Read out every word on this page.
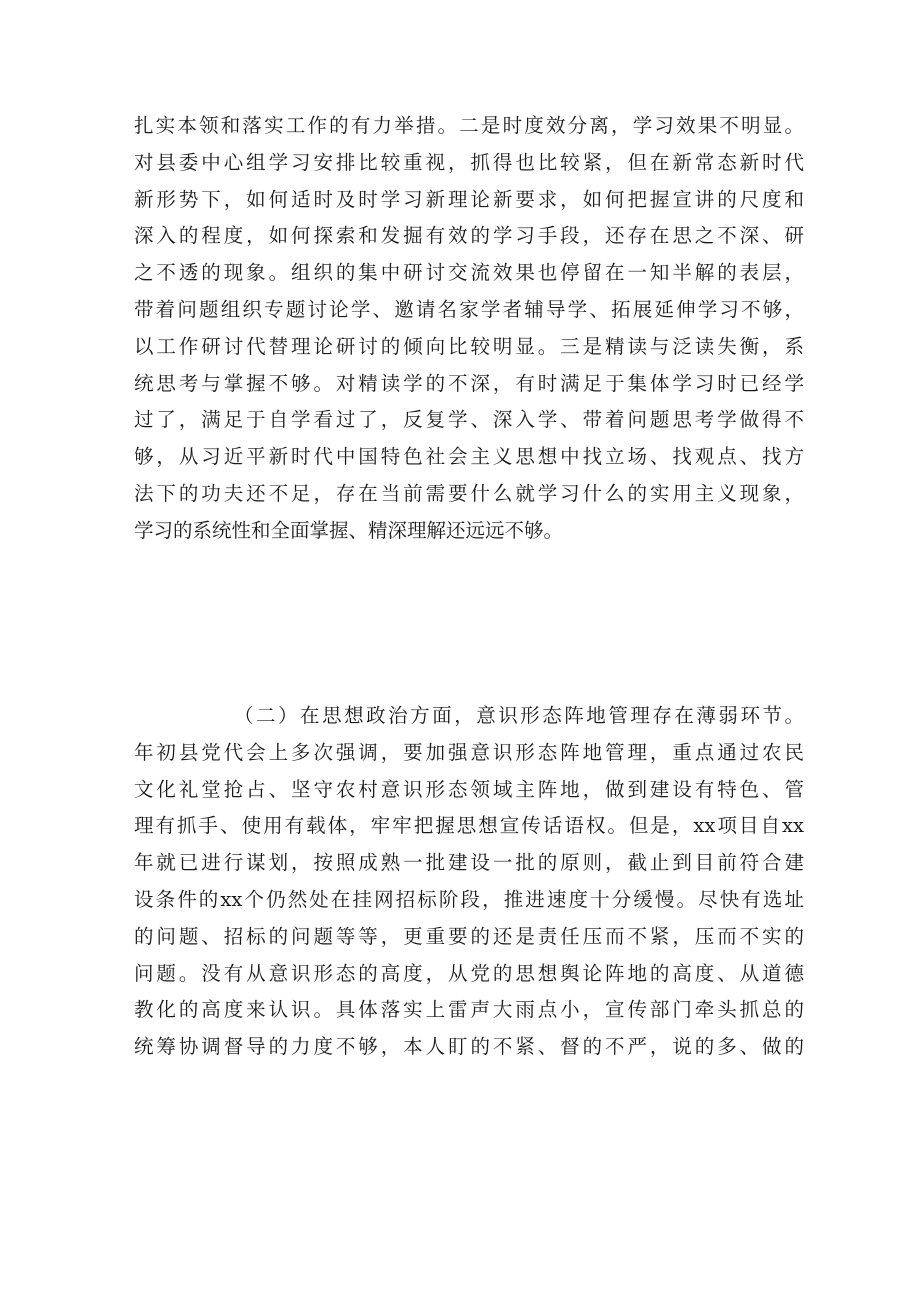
扎实本领和落实工作的有力举措。二是时度效分离，学习效果不明显。
对县委中心组学习安排比较重视，抓得也比较紧，但在新常态新时代
新形势下，如何适时及时学习新理论新要求，如何把握宣讲的尺度和
深入的程度，如何探索和发掘有效的学习手段，还存在思之不深、研
之不透的现象。组织的集中研讨交流效果也停留在一知半解的表层，
带着问题组织专题讨论学、邀请名家学者辅导学、拓展延伸学习不够，
以工作研讨代替理论研讨的倾向比较明显。三是精读与泛读失衡，系
统思考与掌握不够。对精读学的不深，有时满足于集体学习时已经学
过了，满足于自学看过了，反复学、深入学、带着问题思考学做得不
够，从习近平新时代中国特色社会主义思想中找立场、找观点、找方
法下的功夫还不足，存在当前需要什么就学习什么的实用主义现象，
学习的系统性和全面掌握、精深理解还远远不够。
（二）在思想政治方面，意识形态阵地管理存在薄弱环节。
年初县党代会上多次强调，要加强意识形态阵地管理，重点通过农民
文化礼堂抢占、坚守农村意识形态领域主阵地，做到建设有特色、管
理有抓手、使用有载体，牢牢把握思想宣传话语权。但是，xx项目自xx
年就已进行谋划，按照成熟一批建设一批的原则，截止到目前符合建
设条件的xx个仍然处在挂网招标阶段，推进速度十分缓慢。尽快有选址
的问题、招标的问题等等，更重要的还是责任压而不紧，压而不实的
问题。没有从意识形态的高度，从党的思想舆论阵地的高度、从道德
教化的高度来认识。具体落实上雷声大雨点小，宣传部门牵头抓总的
统筹协调督导的力度不够，本人盯的不紧、督的不严，说的多、做的
